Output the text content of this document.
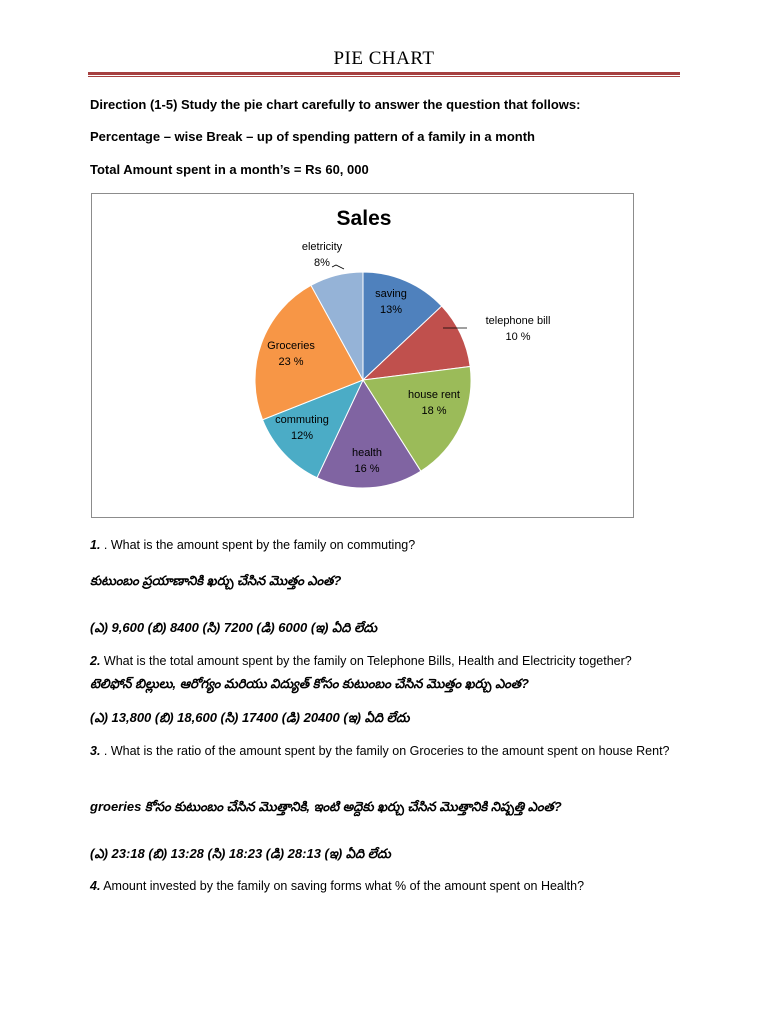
PIE CHART
Direction (1-5) Study the pie chart carefully to answer the question that follows:
Percentage – wise Break – up of spending pattern of a family in a month
Total Amount spent in a month’s = Rs 60, 000
Sales
saving
13%
telephone bill
10 %
house rent
18 %
health
16 %
commuting
12%
Groceries
23 %
eletricity
8%
1. . What is the amount spent by the family on commuting?
కుటుంబం ప్రయాణానికి ఖర్చు చేసిన మొత్తం ఎంత?
(ఎ) 9,600 (బి) 8400 (సి) 7200 (డి) 6000 (ఇ) ఏది లేదు
2. What is the total amount spent by the family on Telephone Bills, Health and Electricity together?
టెలిఫోన్ బిల్లులు, ఆరోగ్యం మరియు విద్యుత్ కోసం కుటుంబం చేసిన మొత్తం ఖర్చు ఎంత?
(ఎ) 13,800 (బి) 18,600 (సి) 17400 (డి) 20400 (ఇ) ఏది లేదు
3. . What is the ratio of the amount spent by the family on Groceries to the amount spent on house Rent?
groeries కోసం కుటుంబం చేసిన మొత్తానికి, ఇంటి అద్దెకు ఖర్చు చేసిన మొత్తానికి నిష్పత్తి ఎంత?
(ఎ) 23:18 (బి) 13:28 (సి) 18:23 (డి) 28:13 (ఇ) ఏది లేదు
4. Amount invested by the family on saving forms what % of the amount spent on Health?
